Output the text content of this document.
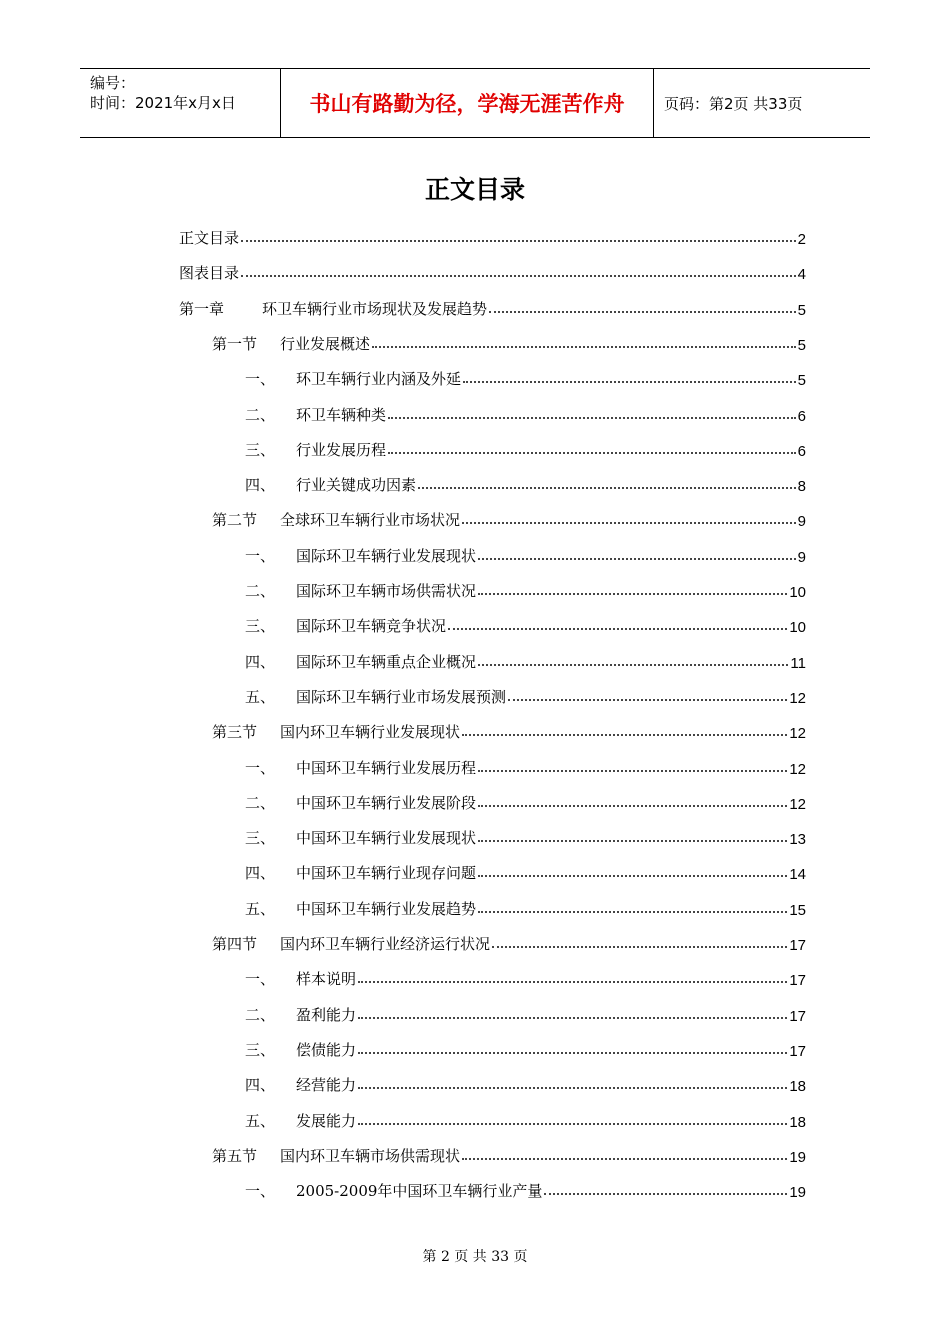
编号：
时间：2021年x月x日	书山有路勤为径，学海无涯苦作舟	页码：第2页 共33页
正文目录
正文目录	2
图表目录	4
第一章	环卫车辆行业市场现状及发展趋势	5
第一节	行业发展概述	5
一、	环卫车辆行业内涵及外延	5
二、	环卫车辆种类	6
三、	行业发展历程	6
四、	行业关键成功因素	8
第二节	全球环卫车辆行业市场状况	9
一、	国际环卫车辆行业发展现状	9
二、	国际环卫车辆市场供需状况	10
三、	国际环卫车辆竞争状况	10
四、	国际环卫车辆重点企业概况	11
五、	国际环卫车辆行业市场发展预测	12
第三节	国内环卫车辆行业发展现状	12
一、	中国环卫车辆行业发展历程	12
二、	中国环卫车辆行业发展阶段	12
三、	中国环卫车辆行业发展现状	13
四、	中国环卫车辆行业现存问题	14
五、	中国环卫车辆行业发展趋势	15
第四节	国内环卫车辆行业经济运行状况	17
一、	样本说明	17
二、	盈利能力	17
三、	偿债能力	17
四、	经营能力	18
五、	发展能力	18
第五节	国内环卫车辆市场供需现状	19
一、	2005-2009年中国环卫车辆行业产量	19
第 2 页 共 33 页
